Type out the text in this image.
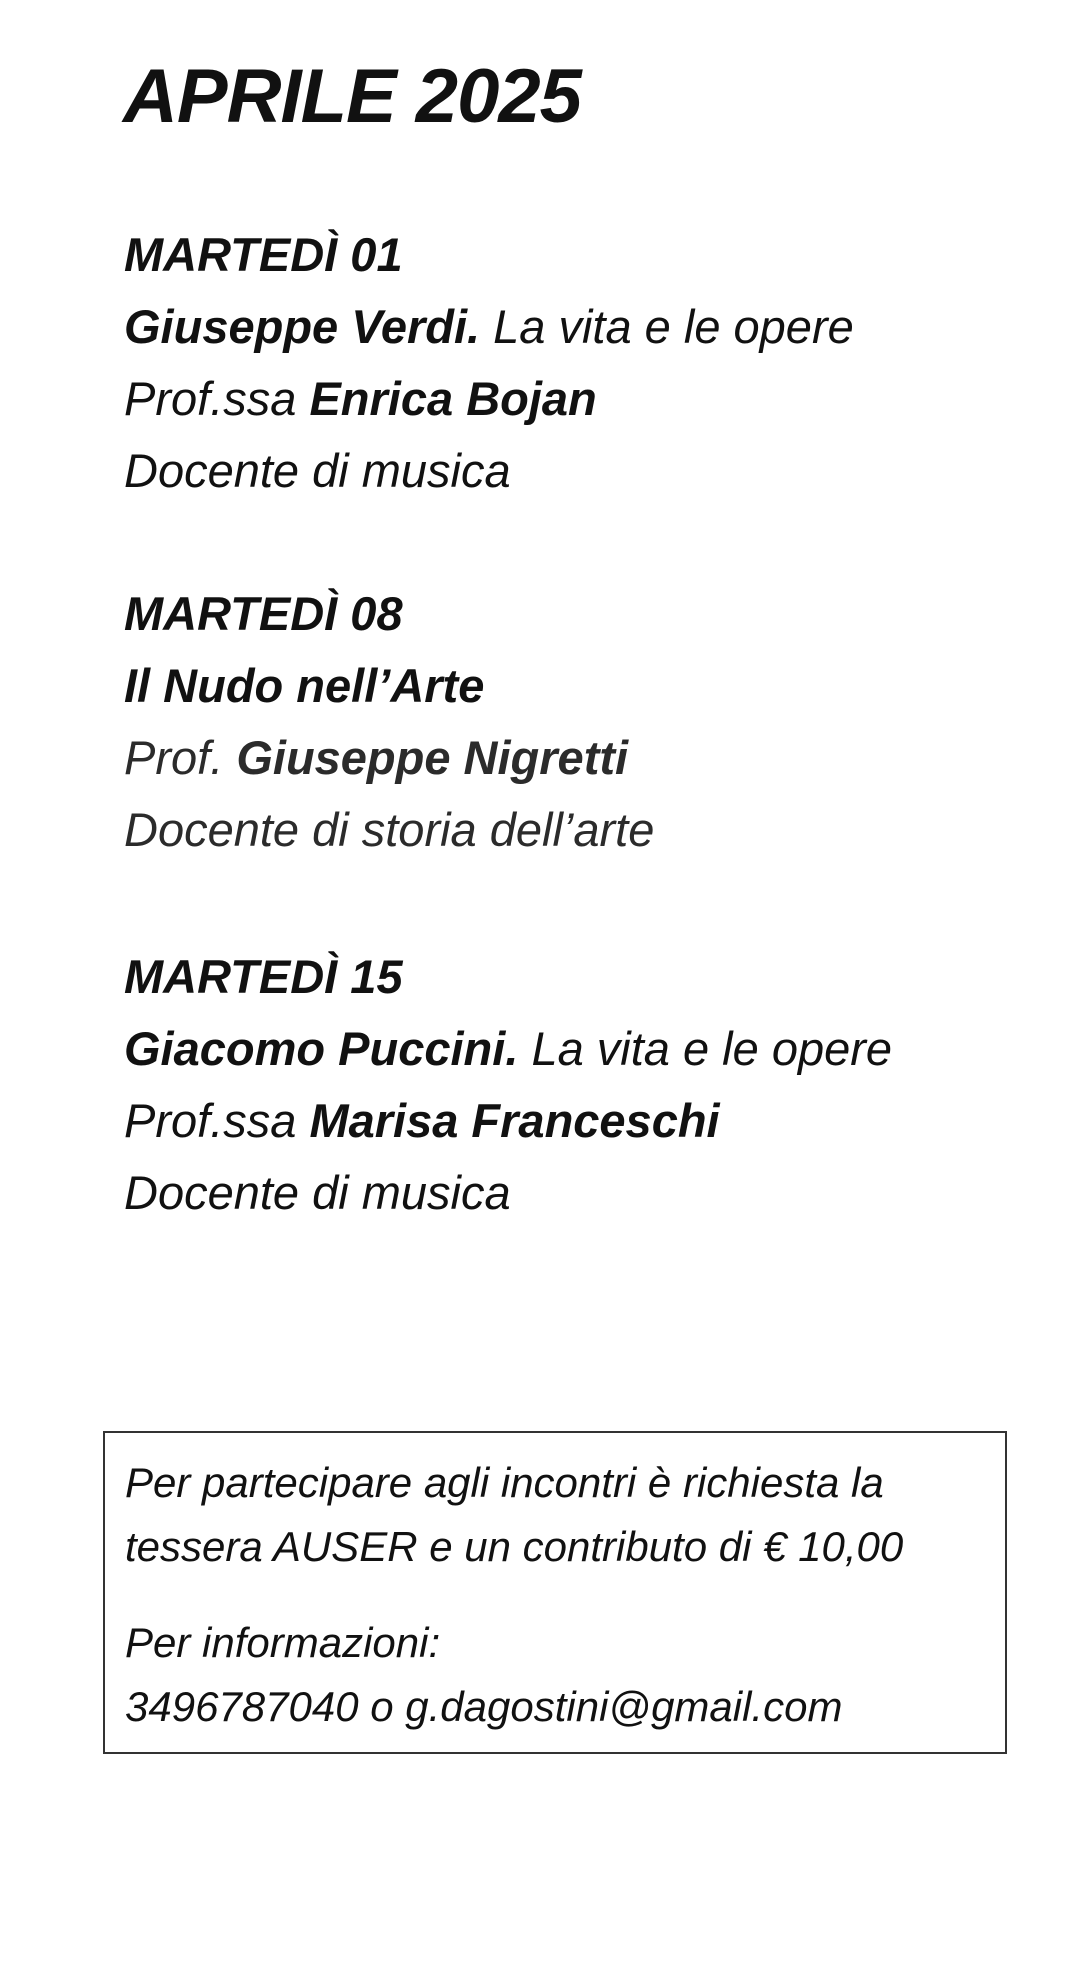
APRILE 2025
MARTEDÌ 01
Giuseppe Verdi. La vita e le opere
Prof.ssa Enrica Bojan
Docente di musica
MARTEDÌ 08
Il Nudo nell’Arte
Prof. Giuseppe Nigretti
Docente di storia dell’arte
MARTEDÌ 15
Giacomo Puccini. La vita e le opere
Prof.ssa Marisa Franceschi
Docente di musica
Per partecipare agli incontri è richiesta la
tessera AUSER e un contributo di € 10,00
Per informazioni:
3496787040 o g.dagostini@gmail.com
